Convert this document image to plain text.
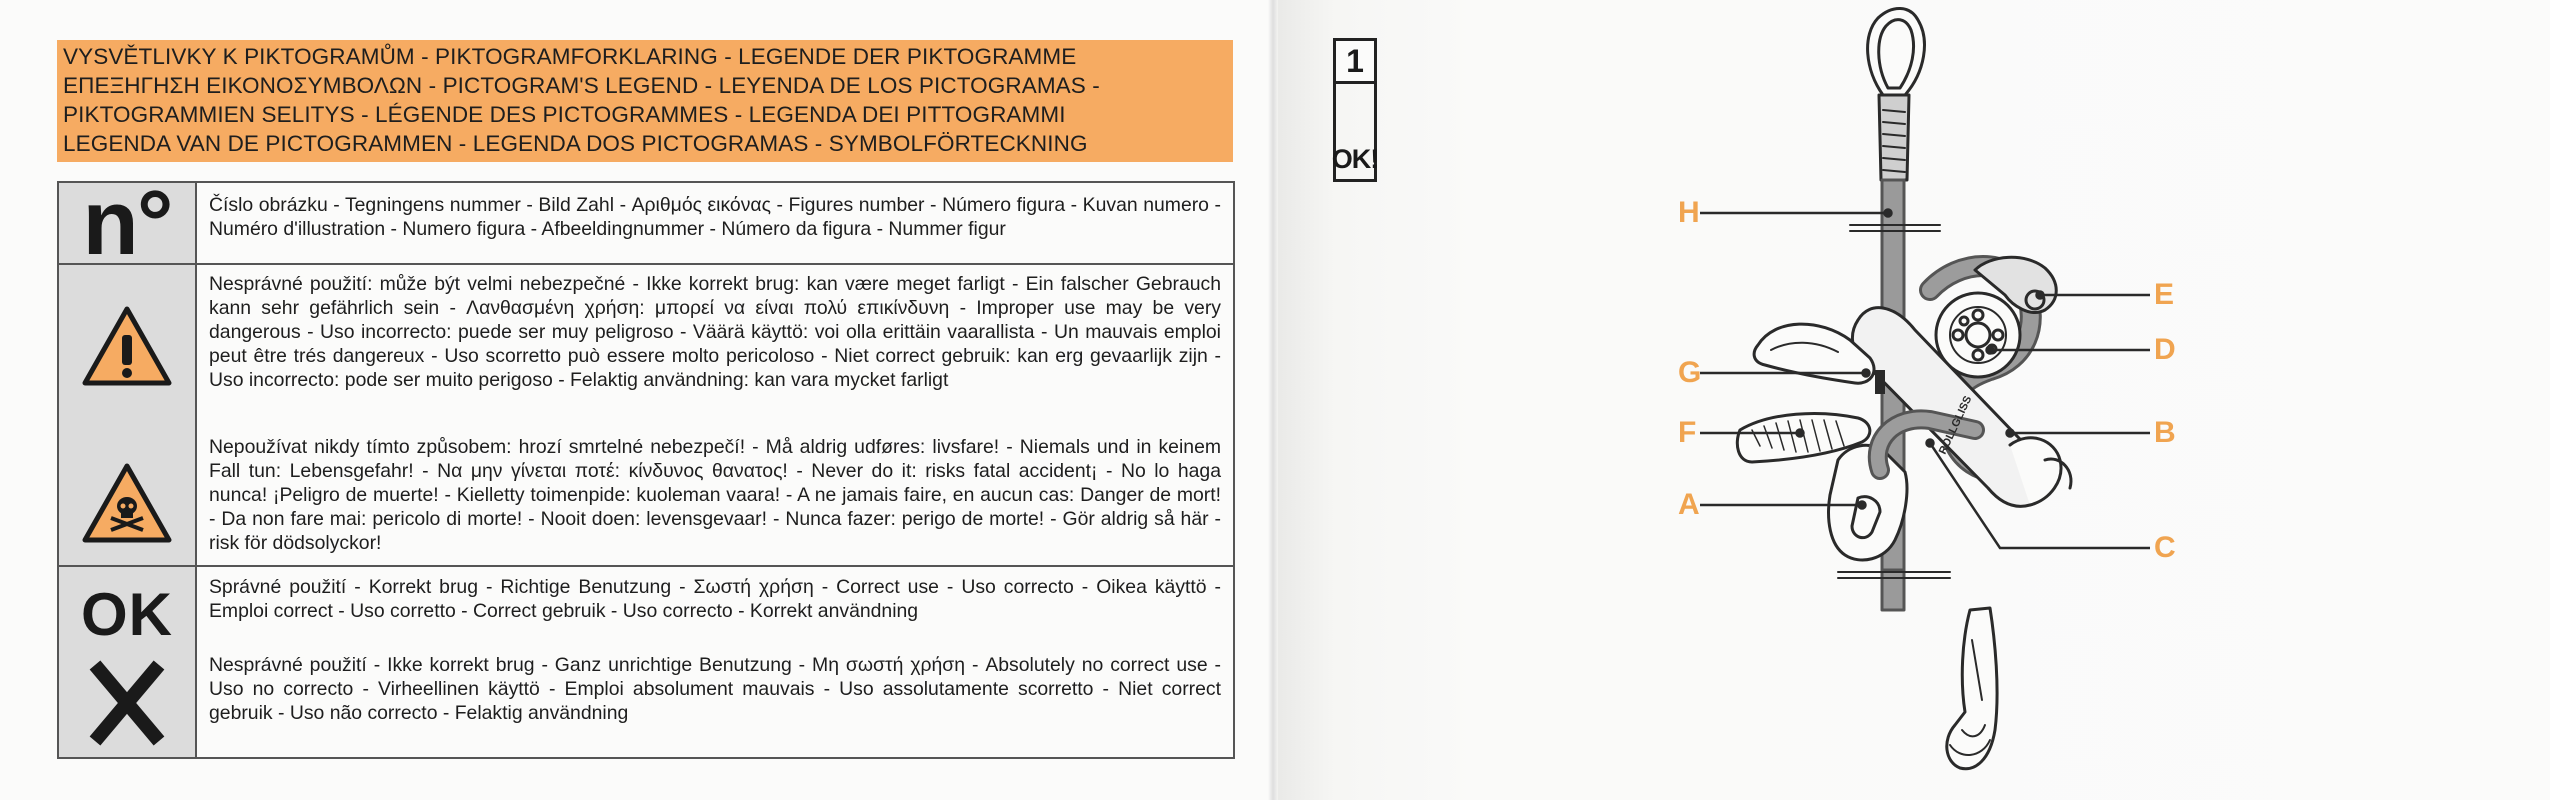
VYSVĚTLIVKY K PIKTOGRAMŮM - PIKTOGRAMFORKLARING - LEGENDE DER PIKTOGRAMME
ΕΠΕΞΗΓΗΣΗ ΕΙΚΟΝΟΣΥΜΒΟΛΩΝ - PICTOGRAM'S LEGEND - LEYENDA DE LOS PICTOGRAMAS -
PIKTOGRAMMIEN SELITYS - LÉGENDE DES PICTOGRAMMES - LEGENDA DEI PITTOGRAMMI
LEGENDA VAN DE PICTOGRAMMEN - LEGENDA DOS PICTOGRAMAS - SYMBOLFÖRTECKNING
n° Číslo obrázku - Tegningens nummer - Bild Zahl - Αριθμός εικόνας - Figures number - Número figura - Kuvan numero - Numéro d'illustration - Numero figura - Afbeeldingnummer - Número da figura - Nummer figur
Nesprávné použití: může být velmi nebezpečné - Ikke korrekt brug: kan være meget farligt - Ein falscher Gebrauch kann sehr gefährlich sein - Λανθασμένη χρήση: μπορεί να είναι πολύ επικίνδυνη - Improper use may be very dangerous - Uso incorrecto: puede ser muy peligroso - Väärä käyttö: voi olla erittäin vaarallista - Un mauvais emploi peut être trés dangereux - Uso scorretto può essere molto pericoloso - Niet correct gebruik: kan erg gevaarlijk zijn - Uso incorrecto: pode ser muito perigoso - Felaktig användning: kan vara mycket farligt
Nepoužívat nikdy tímto způsobem: hrozí smrtelné nebezpečí! - Må aldrig udføres: livsfare! - Niemals und in keinem Fall tun: Lebensgefahr! - Να μην γίνεται ποτέ: κίνδυνος θανατος! - Never do it: risks fatal accident¡ - No lo haga nunca! ¡Peligro de muerte! - Kielletty toimenpide: kuoleman vaara! - A ne jamais faire, en aucun cas: Danger de mort! - Da non fare mai: pericolo di morte! - Nooit doen: levensgevaar! - Nunca fazer: perigo de morte! - Gör aldrig så här - risk för dödsolyckor!
OK Správné použití - Korrekt brug - Richtige Benutzung - Σωστή χρήση - Correct use - Uso correcto - Oikea käyttö - Emploi correct - Uso corretto - Correct gebruik - Uso correcto - Korrekt användning
Nesprávné použití - Ikke korrekt brug - Ganz unrichtige Benutzung - Μη σωστή χρήση - Absolutely no correct use - Uso no correcto - Virheellinen käyttö - Emploi absolument mauvais - Uso assolutamente scorretto - Niet correct gebruik - Uso não correcto - Felaktig användning
1
OK!
ROLLGLISS
H
E
D
G
F	B
A
C
